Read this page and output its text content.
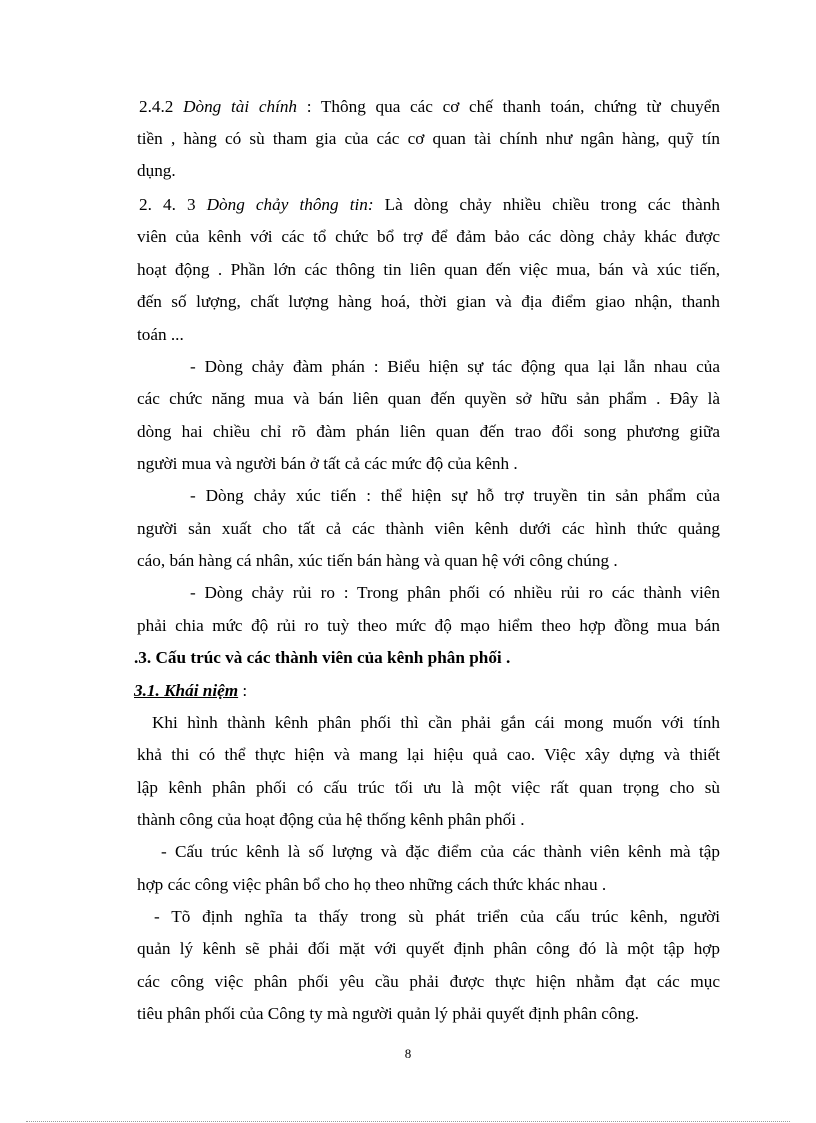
2.4.2 Dòng tài chính : Thông qua các cơ chế thanh toán, chứng từ chuyển
tiền , hàng có sù tham gia của các cơ quan tài chính như ngân hàng, quỹ tín
dụng.
2. 4. 3 Dòng chảy thông tin: Là dòng chảy nhiều chiều trong các thành
viên của kênh với các tổ chức bổ trợ để đảm bảo các dòng chảy khác được
hoạt động . Phần lớn các thông tin liên quan đến việc mua, bán và xúc tiến,
đến số lượng, chất lượng hàng hoá, thời gian và địa điểm giao nhận, thanh
toán ...
- Dòng chảy đàm phán : Biểu hiện sự tác động qua lại lẫn nhau của
các chức năng mua và bán liên quan đến quyền sở hữu sản phẩm . Đây là
dòng hai chiều chỉ rõ đàm phán liên quan đến trao đổi song phương giữa
người mua và người bán ở tất cả các mức độ của kênh .
- Dòng chảy xúc tiến : thể hiện sự hỗ trợ truyền tin sản phẩm của
người sản xuất cho tất cả các thành viên kênh dưới các hình thức quảng
cáo, bán hàng cá nhân, xúc tiến bán hàng và quan hệ với công chúng .
- Dòng chảy rủi ro : Trong phân phối có nhiều rủi ro các thành viên
phải chia mức độ rủi ro tuỳ theo mức độ mạo hiểm theo hợp đồng mua bán
.3. Cấu trúc và các thành viên của kênh phân phối .
3.1. Khái niệm :
Khi hình thành kênh phân phối thì cần phải gắn cái mong muốn với tính
khả thi có thể thực hiện và mang lại hiệu quả cao. Việc xây dựng và thiết
lập kênh phân phối có cấu trúc tối ưu là một việc rất quan trọng cho sù
thành công của hoạt động của hệ thống kênh phân phối .
- Cấu trúc kênh là số lượng và đặc điểm của các thành viên kênh mà tập
hợp các công việc phân bổ cho họ theo những cách thức khác nhau .
- Tõ định nghĩa ta thấy trong sù phát triển của cấu trúc kênh, người
quản lý kênh sẽ phải đối mặt với quyết định phân công đó là một tập hợp
các công việc phân phối yêu cầu phải được thực hiện nhằm đạt các mục
tiêu phân phối của Công ty mà người quản lý phải quyết định phân công.
8
